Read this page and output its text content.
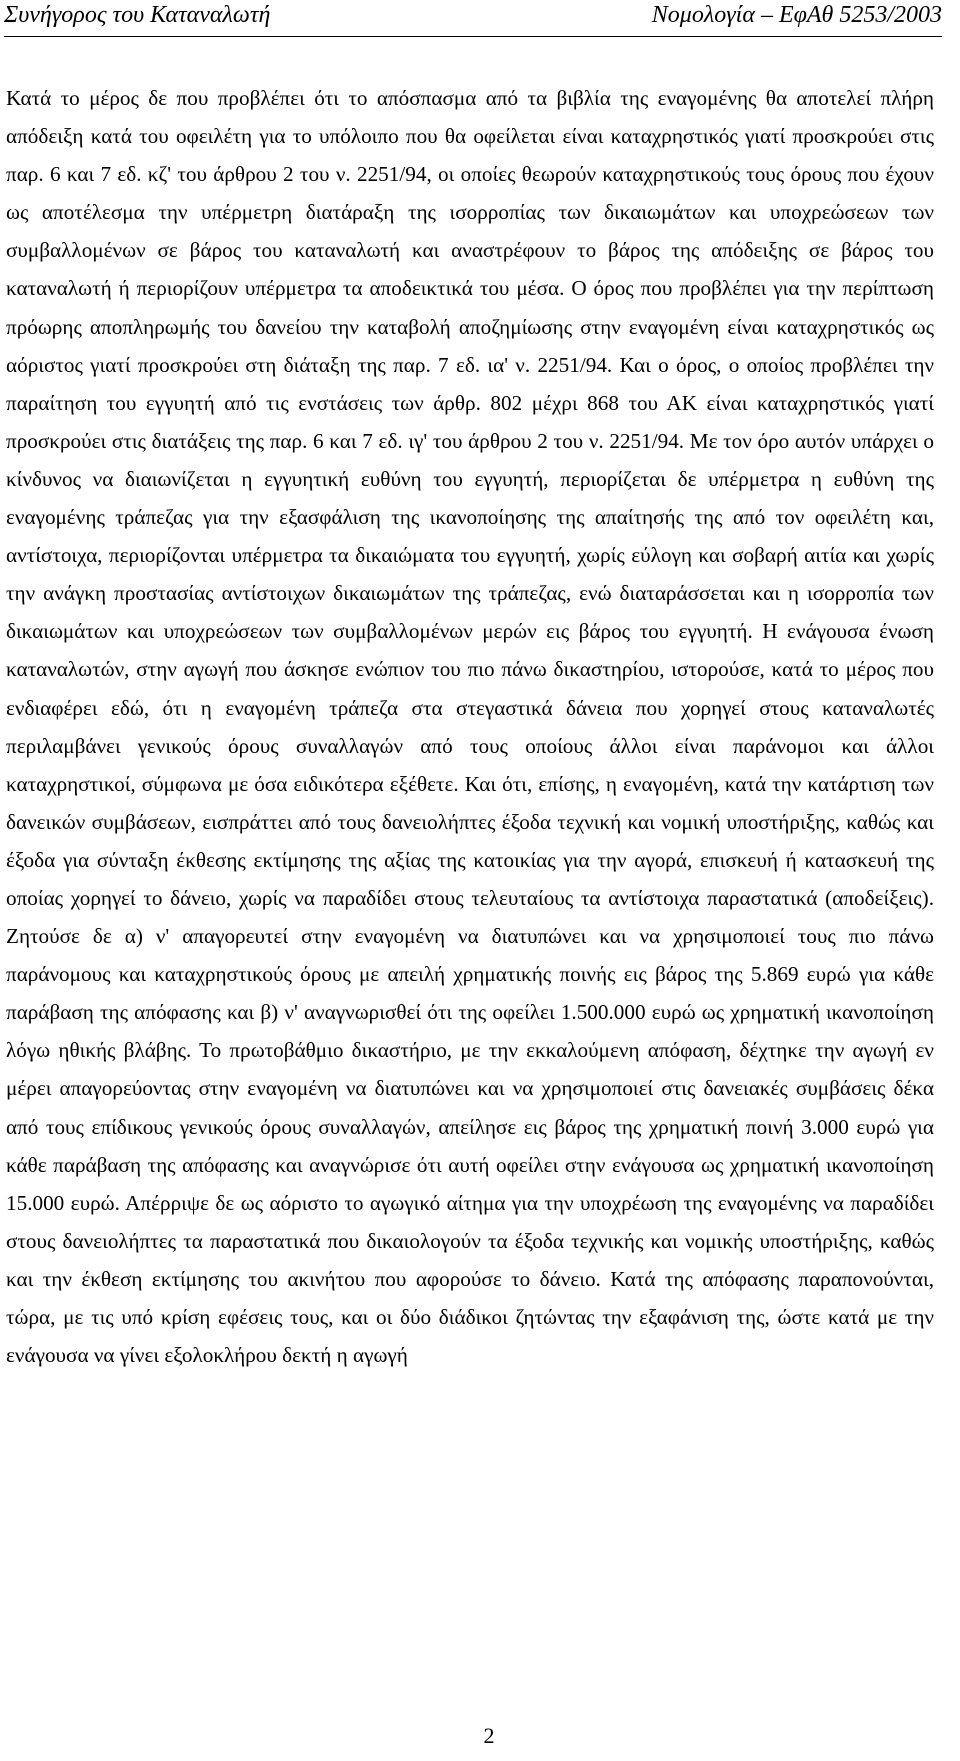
Συνήγορος του Καταναλωτή	Νομολογία – ΕφΑθ 5253/2003

Κατά το μέρος δε που προβλέπει ότι το απόσπασμα από τα βιβλία της εναγομένης θα αποτελεί πλήρη απόδειξη κατά του οφειλέτη για το υπόλοιπο που θα οφείλεται είναι καταχρηστικός γιατί προσκρούει στις παρ. 6 και 7 εδ. κζ' του άρθρου 2 του ν. 2251/94, οι οποίες θεωρούν καταχρηστικούς τους όρους που έχουν ως αποτέλεσμα την υπέρμετρη διατάραξη της ισορροπίας των δικαιωμάτων και υποχρεώσεων των συμβαλλομένων σε βάρος του καταναλωτή και αναστρέφουν το βάρος της απόδειξης σε βάρος του καταναλωτή ή περιορίζουν υπέρμετρα τα αποδεικτικά του μέσα. Ο όρος που προβλέπει για την περίπτωση πρόωρης αποπληρωμής του δανείου την καταβολή αποζημίωσης στην εναγομένη είναι καταχρηστικός ως αόριστος γιατί προσκρούει στη διάταξη της παρ. 7 εδ. ια' ν. 2251/94. Και ο όρος, ο οποίος προβλέπει την παραίτηση του εγγυητή από τις ενστάσεις των άρθρ. 802 μέχρι 868 του ΑΚ είναι καταχρηστικός γιατί προσκρούει στις διατάξεις της παρ. 6 και 7 εδ. ιγ' του άρθρου 2 του ν. 2251/94. Με τον όρο αυτόν υπάρχει ο κίνδυνος να διαιωνίζεται η εγγυητική ευθύνη του εγγυητή, περιορίζεται δε υπέρμετρα η ευθύνη της εναγομένης τράπεζας για την εξασφάλιση της ικανοποίησης της απαίτησής της από τον οφειλέτη και, αντίστοιχα, περιορίζονται υπέρμετρα τα δικαιώματα του εγγυητή, χωρίς εύλογη και σοβαρή αιτία και χωρίς την ανάγκη προστασίας αντίστοιχων δικαιωμάτων της τράπεζας, ενώ διαταράσσεται και η ισορροπία των δικαιωμάτων και υποχρεώσεων των συμβαλλομένων μερών εις βάρος του εγγυητή. Η ενάγουσα ένωση καταναλωτών, στην αγωγή που άσκησε ενώπιον του πιο πάνω δικαστηρίου, ιστορούσε, κατά το μέρος που ενδιαφέρει εδώ, ότι η εναγομένη τράπεζα στα στεγαστικά δάνεια που χορηγεί στους καταναλωτές περιλαμβάνει γενικούς όρους συναλλαγών από τους οποίους άλλοι είναι παράνομοι και άλλοι καταχρηστικοί, σύμφωνα με όσα ειδικότερα εξέθετε. Και ότι, επίσης, η εναγομένη, κατά την κατάρτιση των δανεικών συμβάσεων, εισπράττει από τους δανειολήπτες έξοδα τεχνική και νομική υποστήριξης, καθώς και έξοδα για σύνταξη έκθεσης εκτίμησης της αξίας της κατοικίας για την αγορά, επισκευή ή κατασκευή της οποίας χορηγεί το δάνειο, χωρίς να παραδίδει στους τελευταίους τα αντίστοιχα παραστατικά (αποδείξεις). Ζητούσε δε α) ν' απαγορευτεί στην εναγομένη να διατυπώνει και να χρησιμοποιεί τους πιο πάνω παράνομους και καταχρηστικούς όρους με απειλή χρηματικής ποινής εις βάρος της 5.869 ευρώ για κάθε παράβαση της απόφασης και β) ν' αναγνωρισθεί ότι της οφείλει 1.500.000 ευρώ ως χρηματική ικανοποίηση λόγω ηθικής βλάβης. Το πρωτοβάθμιο δικαστήριο, με την εκκαλούμενη απόφαση, δέχτηκε την αγωγή εν μέρει απαγορεύοντας στην εναγομένη να διατυπώνει και να χρησιμοποιεί στις δανειακές συμβάσεις δέκα από τους επίδικους γενικούς όρους συναλλαγών, απείλησε εις βάρος της χρηματική ποινή 3.000 ευρώ για κάθε παράβαση της απόφασης και αναγνώρισε ότι αυτή οφείλει στην ενάγουσα ως χρηματική ικανοποίηση 15.000 ευρώ. Απέρριψε δε ως αόριστο το αγωγικό αίτημα για την υποχρέωση της εναγομένης να παραδίδει στους δανειολήπτες τα παραστατικά που δικαιολογούν τα έξοδα τεχνικής και νομικής υποστήριξης, καθώς και την έκθεση εκτίμησης του ακινήτου που αφορούσε το δάνειο. Κατά της απόφασης παραπονούνται, τώρα, με τις υπό κρίση εφέσεις τους, και οι δύο διάδικοι ζητώντας την εξαφάνιση της, ώστε κατά με την ενάγουσα να γίνει εξολοκλήρου δεκτή η αγωγή

2
